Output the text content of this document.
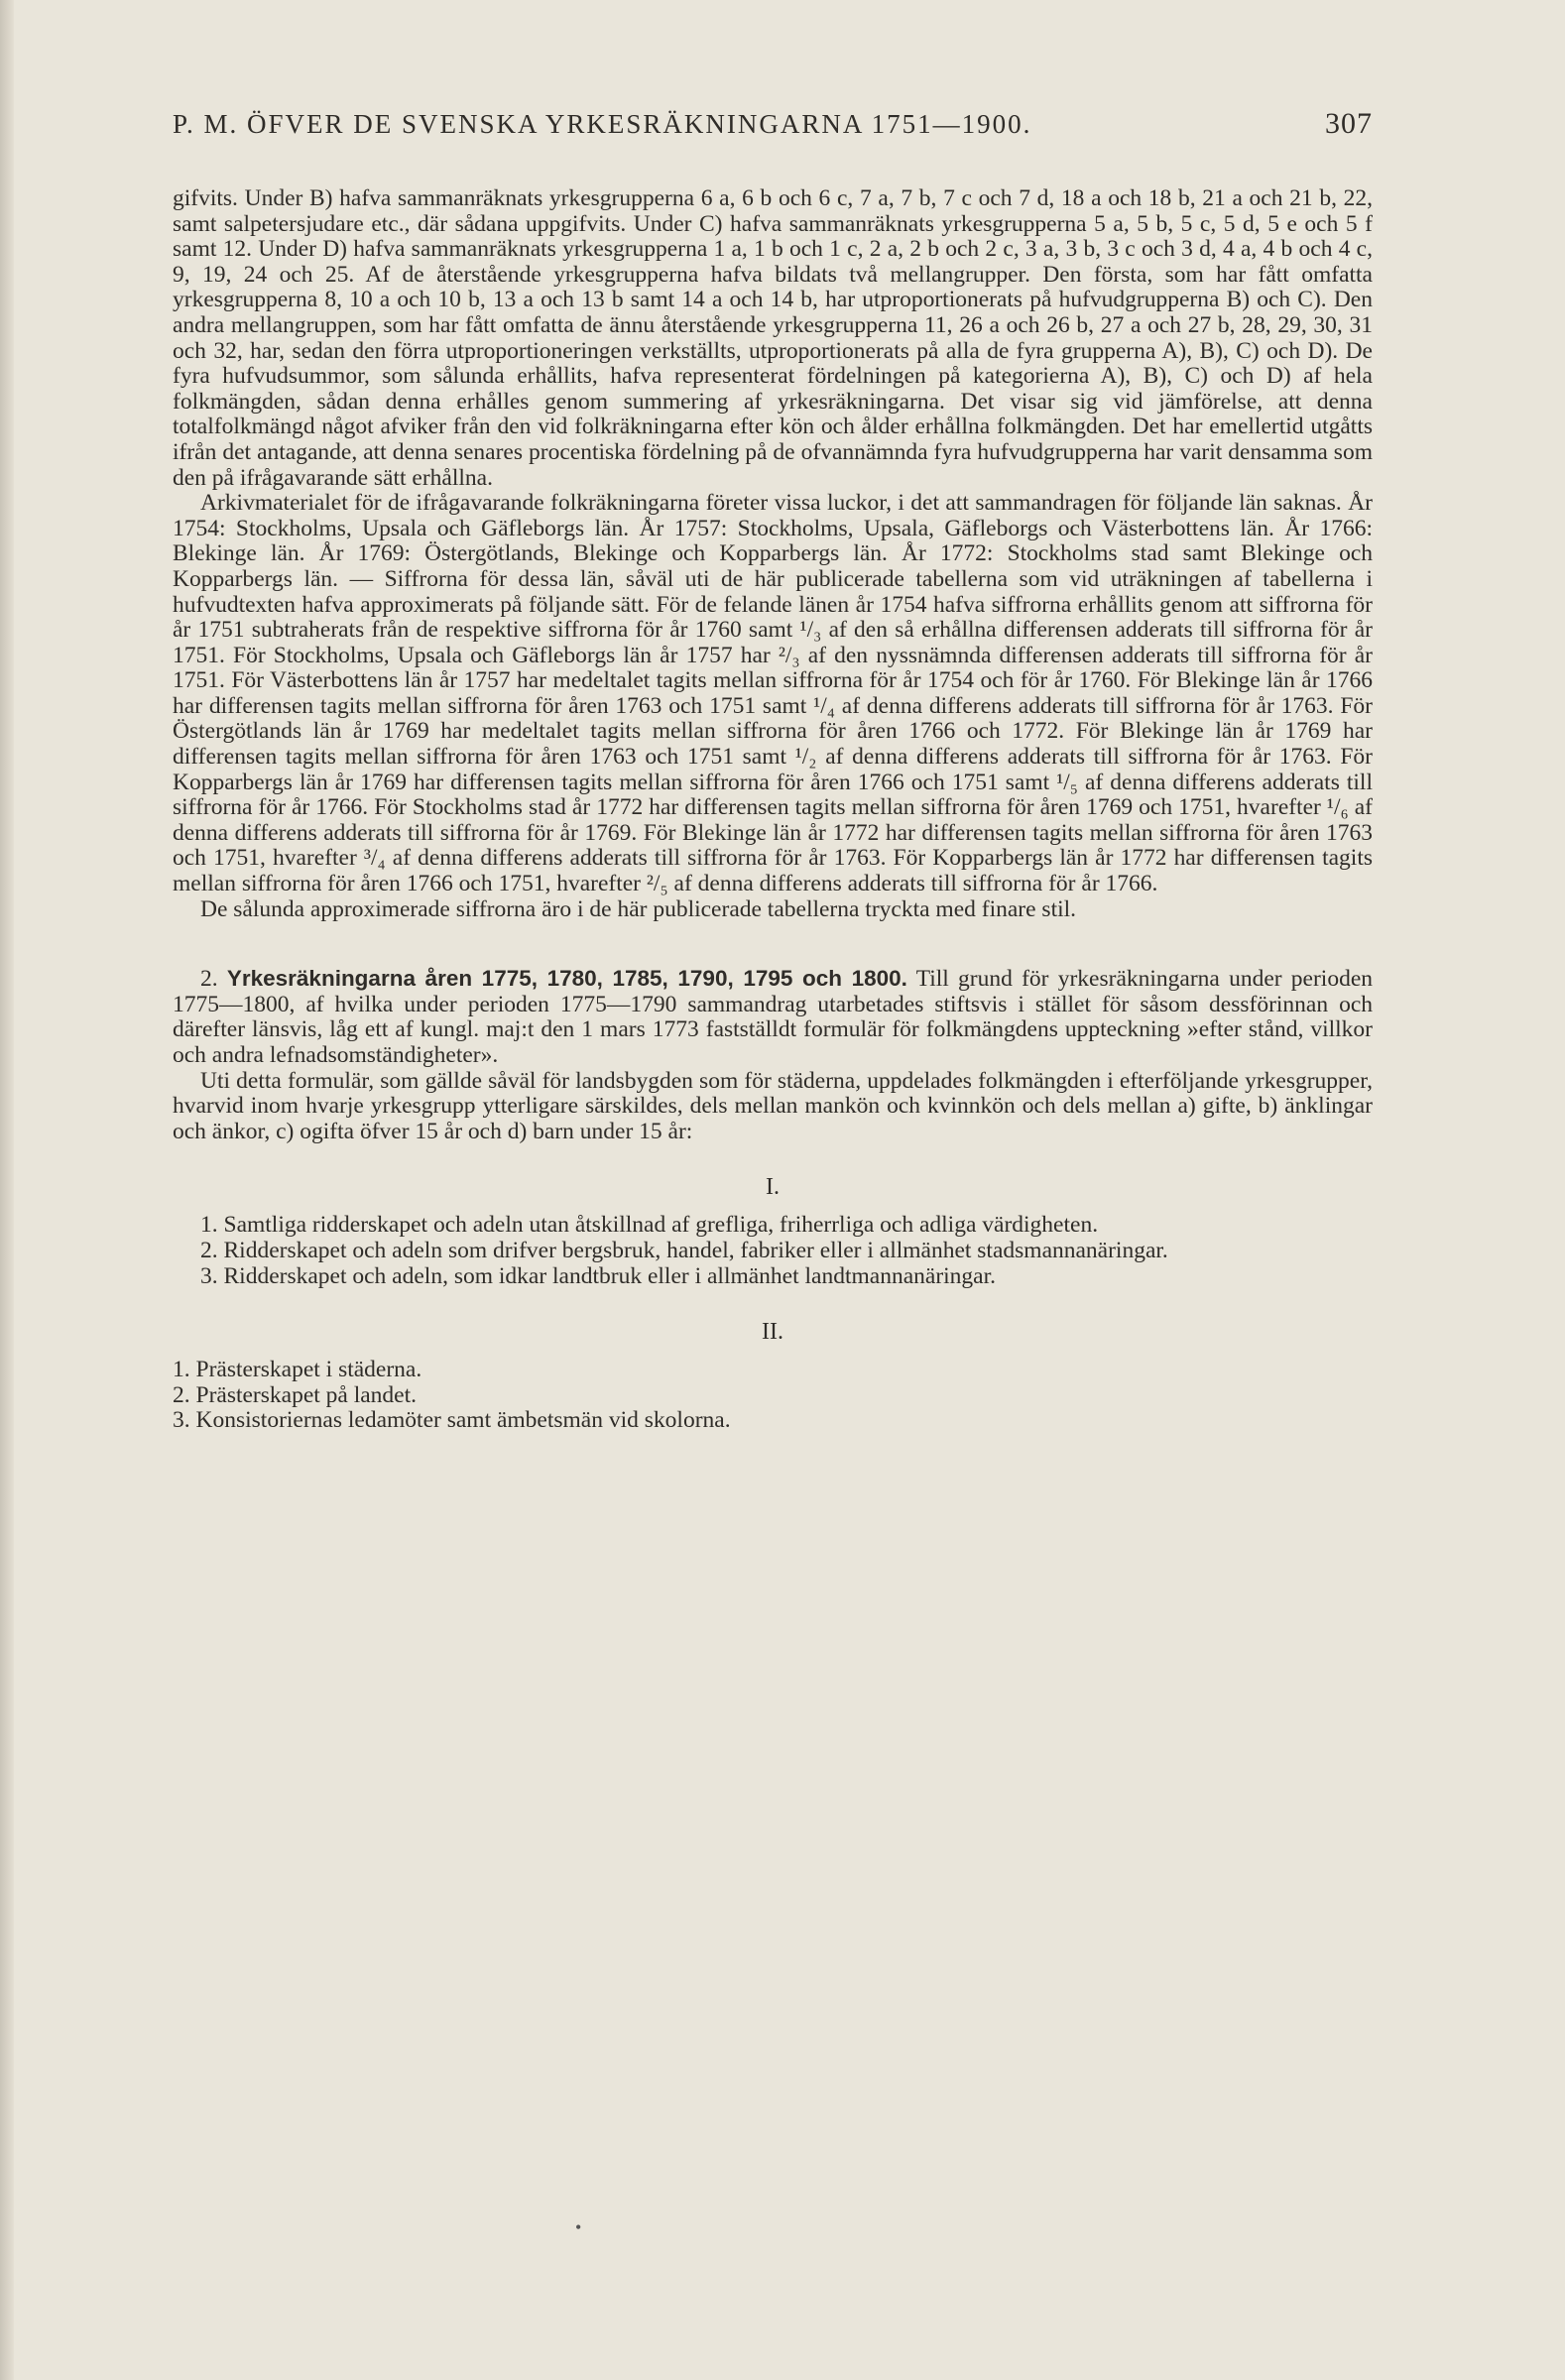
P. M. ÖFVER DE SVENSKA YRKESRÄKNINGARNA 1751—1900.	307

gifvits. Under B) hafva sammanräknats yrkesgrupperna 6 a, 6 b och 6 c, 7 a, 7 b, 7 c och 7 d, 18 a och 18 b, 21 a och 21 b, 22, samt salpetersjudare etc., där sådana uppgifvits. Under C) hafva sammanräknats yrkesgrupperna 5 a, 5 b, 5 c, 5 d, 5 e och 5 f samt 12. Under D) hafva sammanräknats yrkesgrupperna 1 a, 1 b och 1 c, 2 a, 2 b och 2 c, 3 a, 3 b, 3 c och 3 d, 4 a, 4 b och 4 c, 9, 19, 24 och 25. Af de återstående yrkesgrupperna hafva bildats två mellangrupper. Den första, som har fått omfatta yrkesgrupperna 8, 10 a och 10 b, 13 a och 13 b samt 14 a och 14 b, har utproportionerats på hufvudgrupperna B) och C). Den andra mellangruppen, som har fått omfatta de ännu återstående yrkesgrupperna 11, 26 a och 26 b, 27 a och 27 b, 28, 29, 30, 31 och 32, har, sedan den förra utproportioneringen verkställts, utproportionerats på alla de fyra grupperna A), B), C) och D). De fyra hufvudsummor, som sålunda erhållits, hafva representerat fördelningen på kategorierna A), B), C) och D) af hela folkmängden, sådan denna erhålles genom summering af yrkesräkningarna. Det visar sig vid jämförelse, att denna totalfolkmängd något afviker från den vid folkräkningarna efter kön och ålder erhållna folkmängden. Det har emellertid utgåtts ifrån det antagande, att denna senares procentiska fördelning på de ofvannämnda fyra hufvudgrupperna har varit densamma som den på ifrågavarande sätt erhållna.

Arkivmaterialet för de ifrågavarande folkräkningarna företer vissa luckor, i det att sammandragen för följande län saknas. År 1754: Stockholms, Upsala och Gäfleborgs län. År 1757: Stockholms, Upsala, Gäfleborgs och Västerbottens län. År 1766: Blekinge län. År 1769: Östergötlands, Blekinge och Kopparbergs län. År 1772: Stockholms stad samt Blekinge och Kopparbergs län. — Siffrorna för dessa län, såväl uti de här publicerade tabellerna som vid uträkningen af tabellerna i hufvudtexten hafva approximerats på följande sätt. För de felande länen år 1754 hafva siffrorna erhållits genom att siffrorna för år 1751 subtraherats från de respektive siffrorna för år 1760 samt ¹/₃ af den så erhållna differensen adderats till siffrorna för år 1751. För Stockholms, Upsala och Gäfleborgs län år 1757 har ²/₃ af den nyssnämnda differensen adderats till siffrorna för år 1751. För Västerbottens län år 1757 har medeltalet tagits mellan siffrorna för år 1754 och för år 1760. För Blekinge län år 1766 har differensen tagits mellan siffrorna för åren 1763 och 1751 samt ¹/₄ af denna differens adderats till siffrorna för år 1763. För Östergötlands län år 1769 har medeltalet tagits mellan siffrorna för åren 1766 och 1772. För Blekinge län år 1769 har differensen tagits mellan siffrorna för åren 1763 och 1751 samt ¹/₂ af denna differens adderats till siffrorna för år 1763. För Kopparbergs län år 1769 har differensen tagits mellan siffrorna för åren 1766 och 1751 samt ¹/₅ af denna differens adderats till siffrorna för år 1766. För Stockholms stad år 1772 har differensen tagits mellan siffrorna för åren 1769 och 1751, hvarefter ¹/₆ af denna differens adderats till siffrorna för år 1769. För Blekinge län år 1772 har differensen tagits mellan siffrorna för åren 1763 och 1751, hvarefter ³/₄ af denna differens adderats till siffrorna för år 1763. För Kopparbergs län år 1772 har differensen tagits mellan siffrorna för åren 1766 och 1751, hvarefter ²/₅ af denna differens adderats till siffrorna för år 1766.

De sålunda approximerade siffrorna äro i de här publicerade tabellerna tryckta med finare stil.

2. Yrkesräkningarna åren 1775, 1780, 1785, 1790, 1795 och 1800. Till grund för yrkesräkningarna under perioden 1775—1800, af hvilka under perioden 1775—1790 sammandrag utarbetades stiftsvis i stället för såsom dessförinnan och därefter länsvis, låg ett af kungl. maj:t den 1 mars 1773 fastställdt formulär för folkmängdens uppteckning »efter stånd, villkor och andra lefnadsomständigheter».

Uti detta formulär, som gällde såväl för landsbygden som för städerna, uppdelades folkmängden i efterföljande yrkesgrupper, hvarvid inom hvarje yrkesgrupp ytterligare särskildes, dels mellan mankön och kvinnkön och dels mellan a) gifte, b) änklingar och änkor, c) ogifta öfver 15 år och d) barn under 15 år:

I.
1. Samtliga ridderskapet och adeln utan åtskillnad af grefliga, friherrliga och adliga värdigheten.
2. Ridderskapet och adeln som drifver bergsbruk, handel, fabriker eller i allmänhet stadsmannanäringar.
3. Ridderskapet och adeln, som idkar landtbruk eller i allmänhet landtmannanäringar.
II.
1. Prästerskapet i städerna.
2. Prästerskapet på landet.
3. Konsistoriernas ledamöter samt ämbetsmän vid skolorna.
•
